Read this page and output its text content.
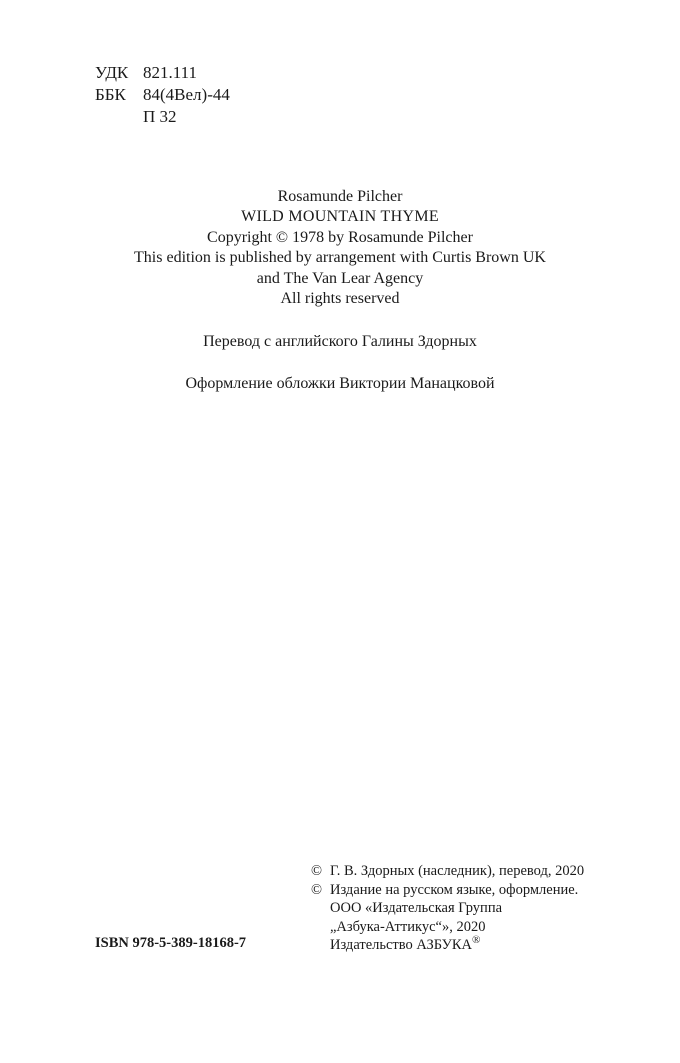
УДК 821.111
ББК 84(4Вел)-44
П 32
Rosamunde Pilcher
WILD MOUNTAIN THYME
Copyright © 1978 by Rosamunde Pilcher
This edition is published by arrangement with Curtis Brown UK
and The Van Lear Agency
All rights reserved
Перевод с английского Галины Здорных
Оформление обложки Виктории Манацковой
© Г. В. Здорных (наследник), перевод, 2020
© Издание на русском языке, оформление.
ООО «Издательская Группа
„Азбука-Аттикус“», 2020
Издательство АЗБУКА®
ISBN 978-5-389-18168-7
